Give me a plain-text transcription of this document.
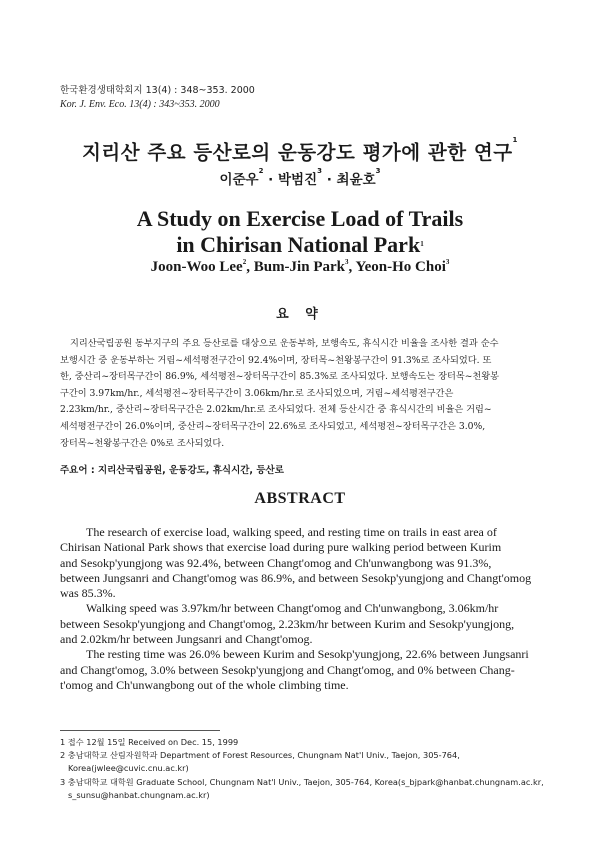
한국환경생태학회지 13(4) : 348~353. 2000
Kor. J. Env. Eco. 13(4) : 343~353. 2000
지리산 주요 등산로의 운동강도 평가에 관한 연구$^1$
이준우$^2$ · 박범진$^3$ · 최윤호$^3$
A Study on Exercise Load of Trails
in Chirisan National Park$^1$
Joon-Woo Lee$^2$, Bum-Jin Park$^3$, Yeon-Ho Choi$^3$
요 약
지리산국립공원 동부지구의 주요 등산로를 대상으로 운동부하, 보행속도, 휴식시간 비율을 조사한 결과 순수
보행시간 중 운동부하는 거림~세석평전구간이 92.4%이며, 장터목~천왕봉구간이 91.3%로 조사되었다. 또
한, 중산리~장터목구간이 86.9%, 세석평전~장터목구간이 85.3%로 조사되었다. 보행속도는 장터목~천왕봉
구간이 3.97km/hr., 세석평전~장터목구간이 3.06km/hr.로 조사되었으며, 거림~세석평전구간은
2.23km/hr., 중산리~장터목구간은 2.02km/hr.로 조사되었다. 전체 등산시간 중 휴식시간의 비율은 거림~
세석평전구간이 26.0%이며, 중산리~장터목구간이 22.6%로 조사되었고, 세석평전~장터목구간은 3.0%,
장터목~천왕봉구간은 0%로 조사되었다.
주요어 : 지리산국립공원, 운동강도, 휴식시간, 등산로
ABSTRACT
The research of exercise load, walking speed, and resting time on trails in east area of
Chirisan National Park shows that exercise load during pure walking period between Kurim
and Sesokp'yungjong was 92.4%, between Changt'omog and Ch'unwangbong was 91.3%,
between Jungsanri and Changt'omog was 86.9%, and between Sesokp'yungjong and Changt'omog
was 85.3%.
Walking speed was 3.97km/hr between Changt'omog and Ch'unwangbong, 3.06km/hr
between Sesokp'yungjong and Changt'omog, 2.23km/hr between Kurim and Sesokp'yungjong,
and 2.02km/hr between Jungsanri and Changt'omog.
The resting time was 26.0% beween Kurim and Sesokp'yungjong, 22.6% between Jungsanri
and Changt'omog, 3.0% between Sesokp'yungjong and Changt'omog, and 0% between Chang-
t'omog and Ch'unwangbong out of the whole climbing time.
1 접수 12월 15일 Received on Dec. 15, 1999
2 충남대학교 산림자원학과 Department of Forest Resources, Chungnam Nat'l Univ., Taejon, 305-764,
Korea(jwlee@cuvic.cnu.ac.kr)
3 충남대학교 대학원 Graduate School, Chungnam Nat'l Univ., Taejon, 305-764, Korea(s_bjpark@hanbat.chungnam.ac.kr,
s_sunsu@hanbat.chungnam.ac.kr)
